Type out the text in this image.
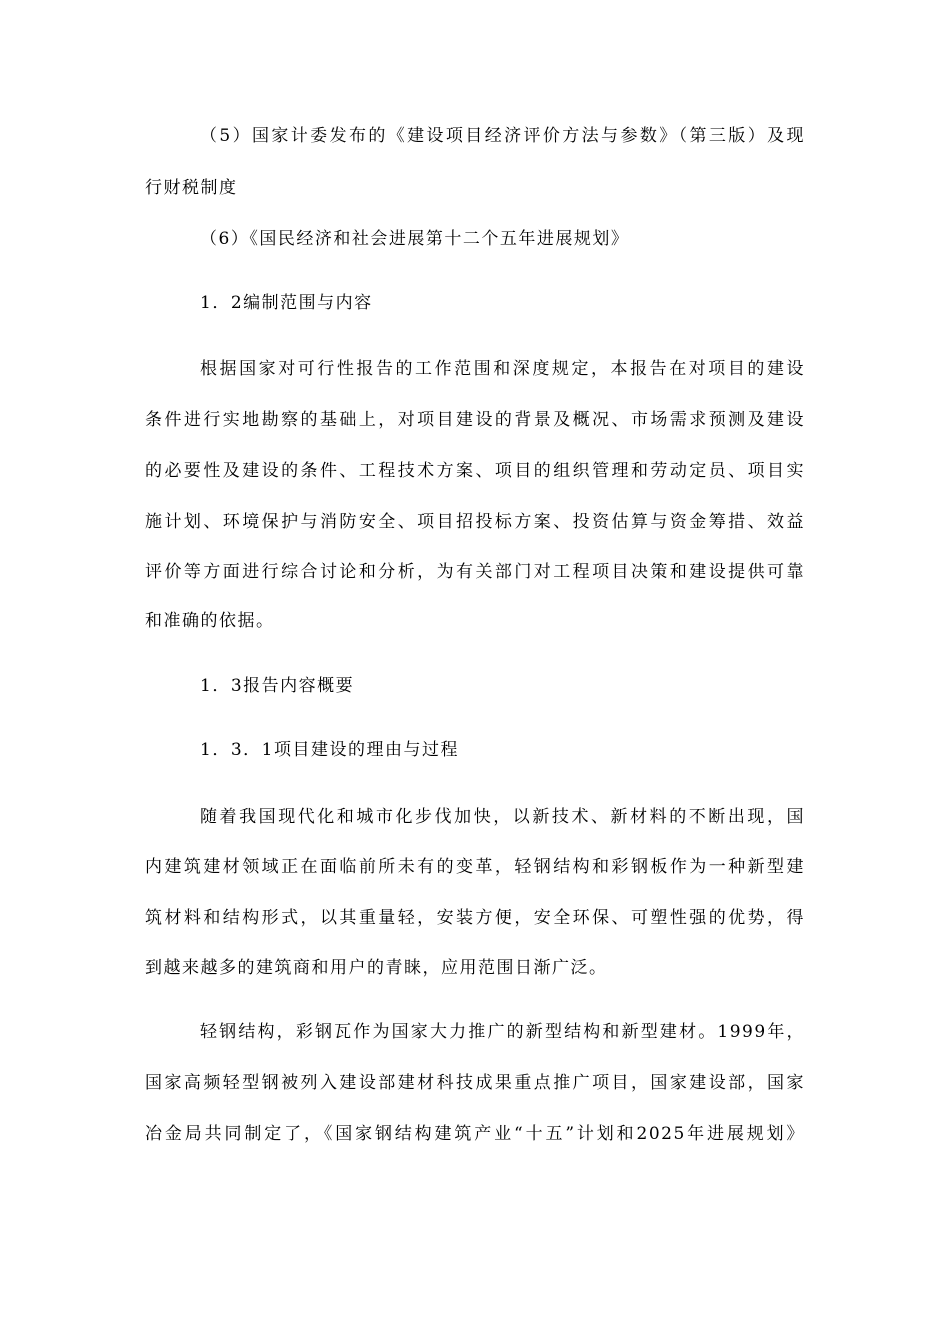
（5）国家计委发布的《建设项目经济评价方法与参数》（第三版）及现
行财税制度
（6）《国民经济和社会进展第十二个五年进展规划》
1．2编制范围与内容
根据国家对可行性报告的工作范围和深度规定，本报告在对项目的建设
条件进行实地勘察的基础上，对项目建设的背景及概况、市场需求预测及建设
的必要性及建设的条件、工程技术方案、项目的组织管理和劳动定员、项目实
施计划、环境保护与消防安全、项目招投标方案、投资估算与资金筹措、效益
评价等方面进行综合讨论和分析，为有关部门对工程项目决策和建设提供可靠
和准确的依据。
1．3报告内容概要
1．3．1项目建设的理由与过程
随着我国现代化和城市化步伐加快，以新技术、新材料的不断出现，国
内建筑建材领域正在面临前所未有的变革，轻钢结构和彩钢板作为一种新型建
筑材料和结构形式，以其重量轻，安装方便，安全环保、可塑性强的优势，得
到越来越多的建筑商和用户的青睐，应用范围日渐广泛。
轻钢结构，彩钢瓦作为国家大力推广的新型结构和新型建材。1999年，
国家高频轻型钢被列入建设部建材科技成果重点推广项目，国家建设部，国家
冶金局共同制定了，《国家钢结构建筑产业“十五”计划和2025年进展规划》
